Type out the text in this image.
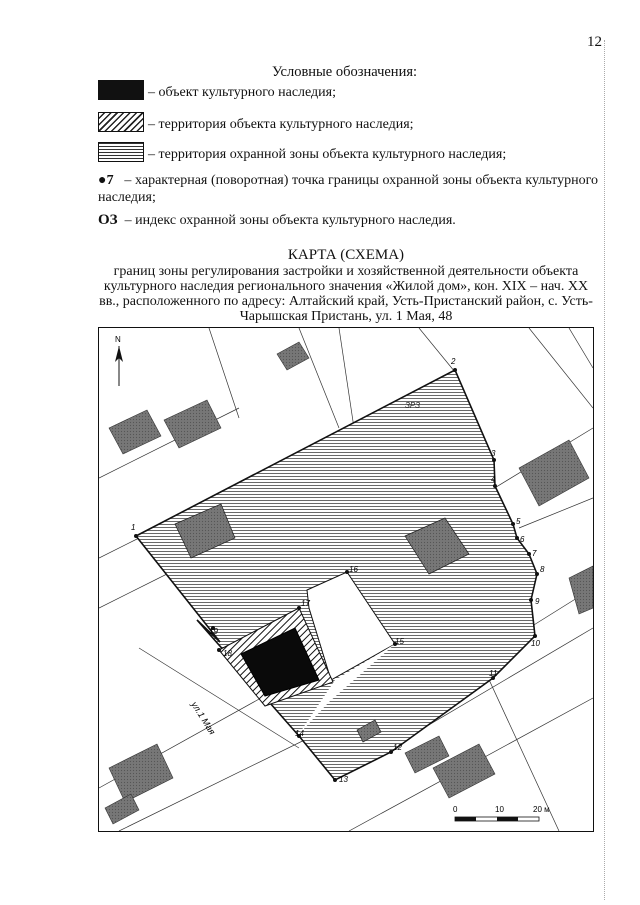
12
Условные обозначения:
– объект культурного наследия;
– территория объекта культурного наследия;
– территория охранной зоны объекта культурного наследия;
●7 – характерная (поворотная) точка границы охранной зоны объекта культурного наследия;
ОЗ – индекс охранной зоны объекта культурного наследия.
КАРТА (СХЕМА)
границ зоны регулирования застройки и хозяйственной деятельности объекта культурного наследия регионального значения «Жилой дом», кон. XIX – нач. XX вв., расположенного по адресу: Алтайский край, Усть-Пристанский район, с. Усть-Чарышская Пристань, ул. 1 Мая, 48
ул.1 Мая
ЗРЗ
N
1
2
3
4
5
6
7
8
9
10
11
12
13
14
15
16
17
18
19
0	10	20 м
